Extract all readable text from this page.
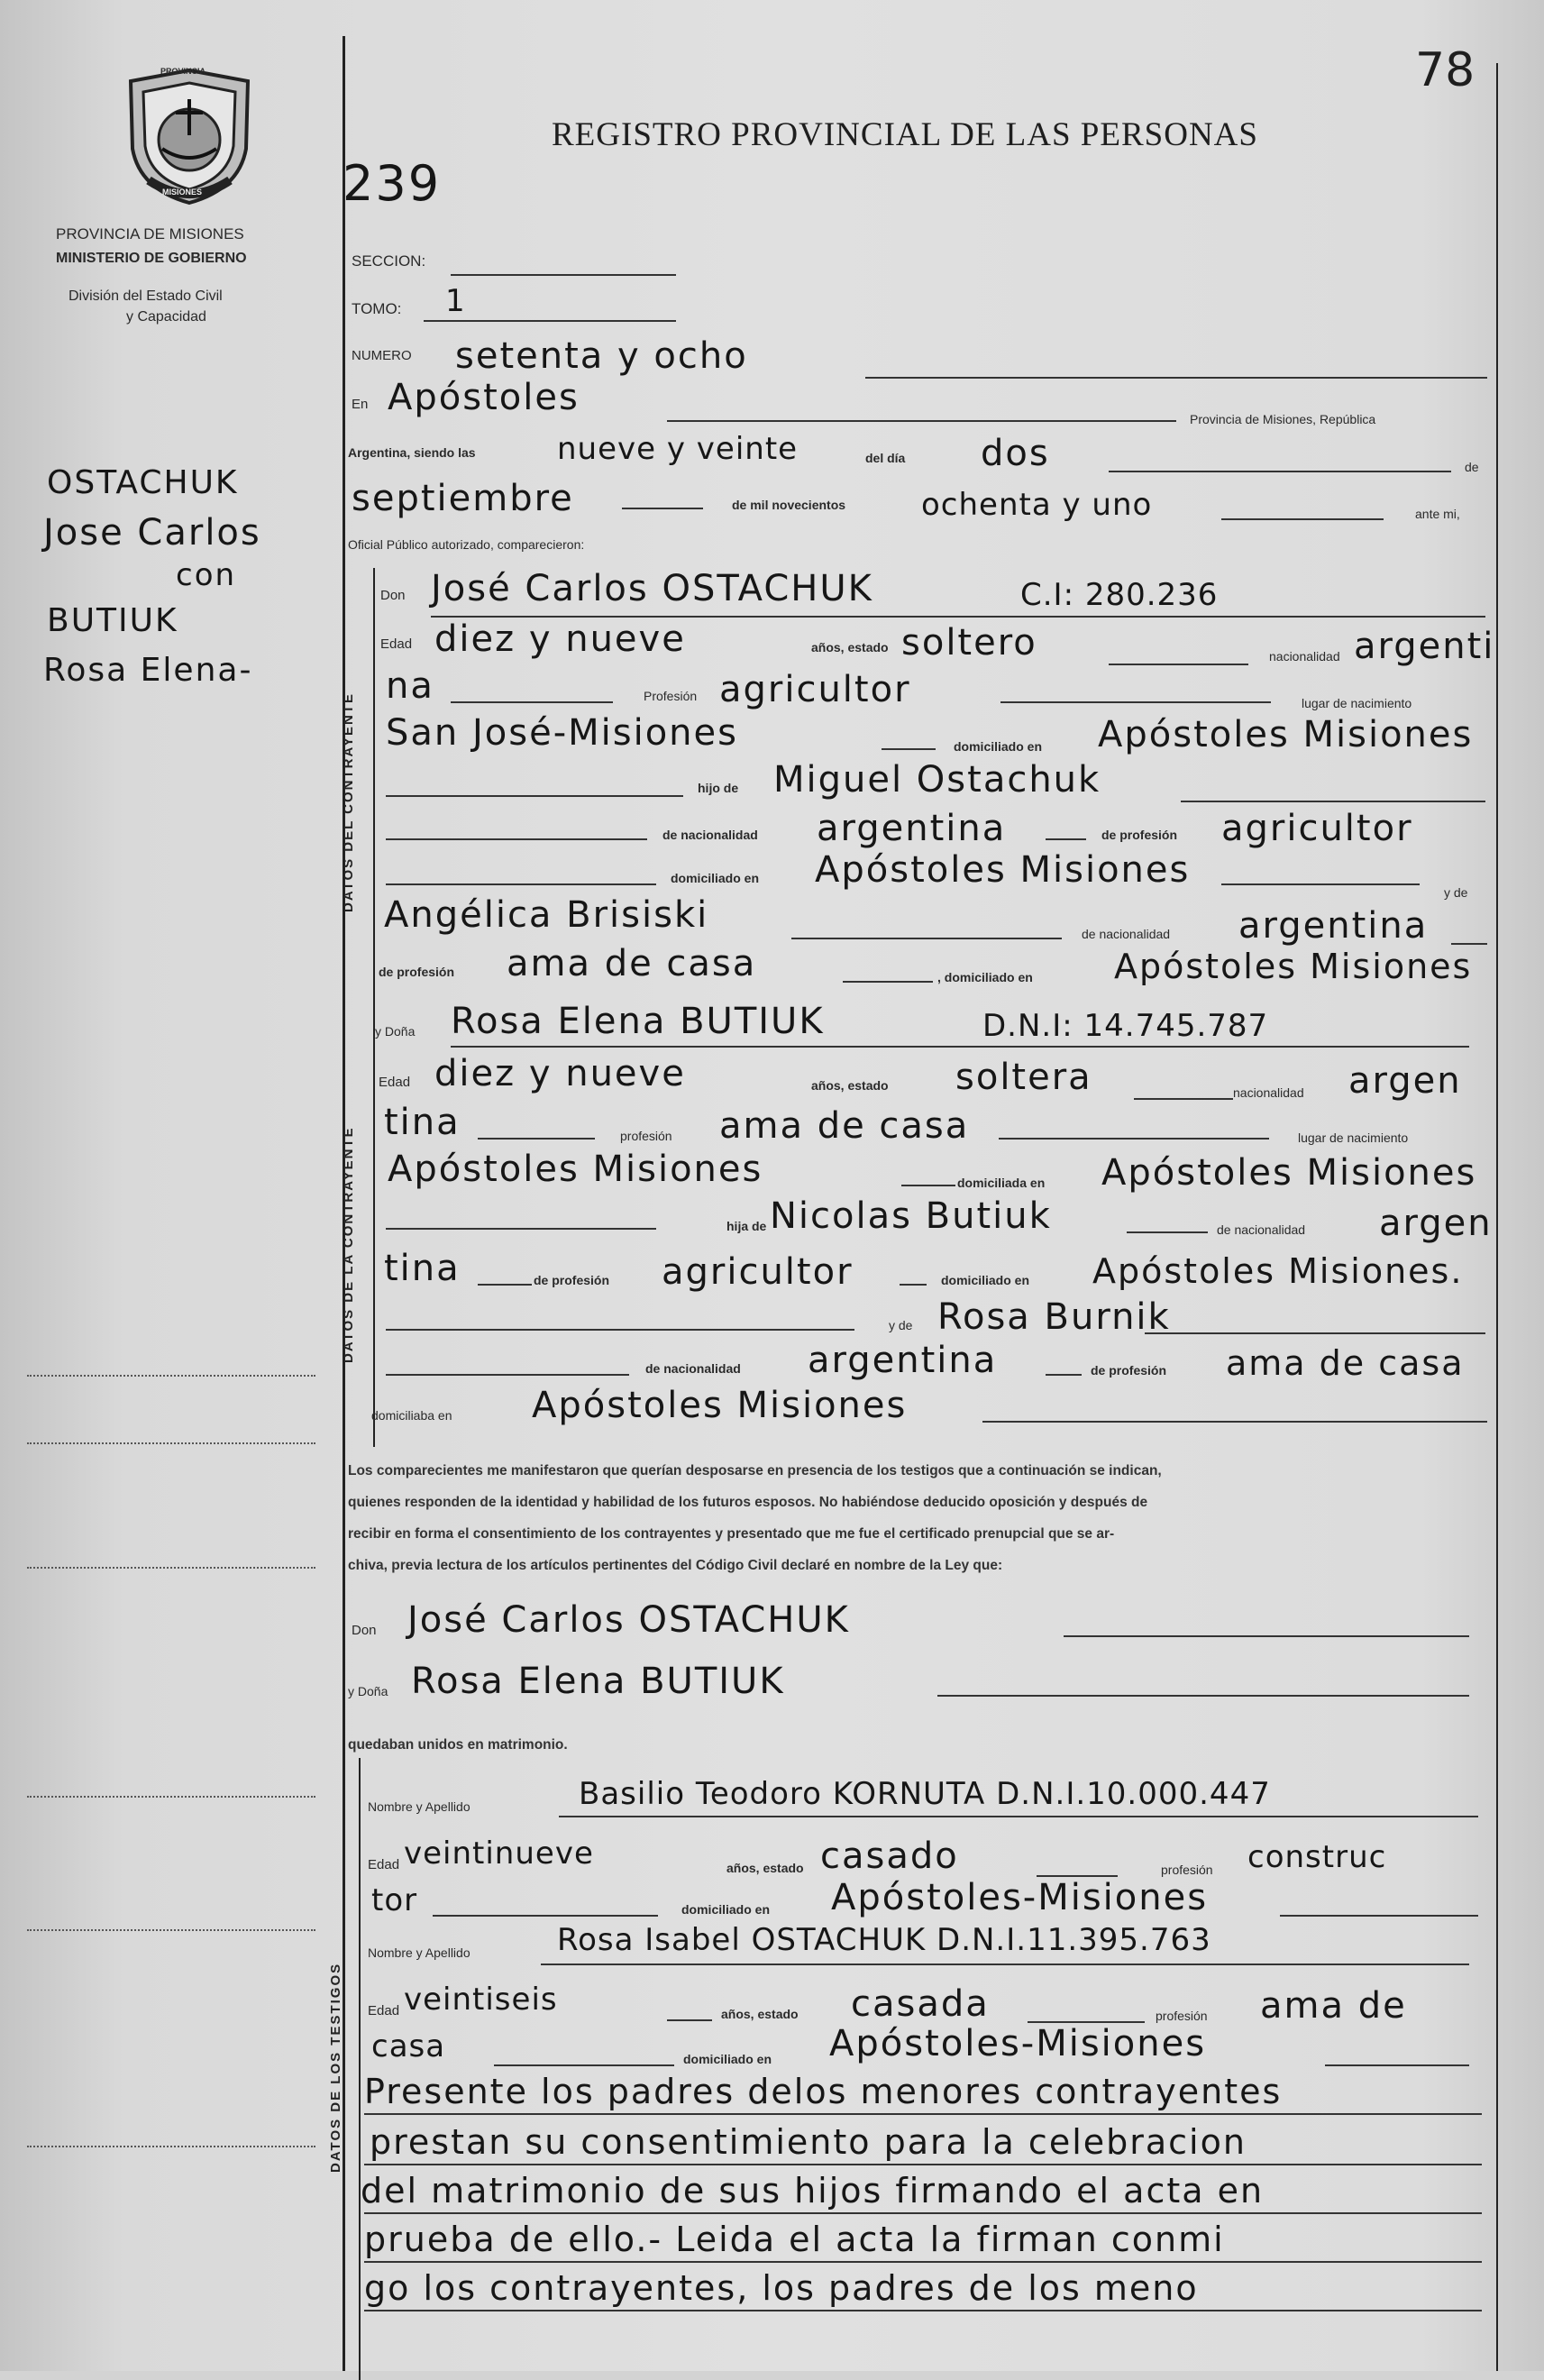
78
PROVINCIA
MISIONES
PROVINCIA DE MISIONES
MINISTERIO DE GOBIERNO
División del Estado Civil
y Capacidad
REGISTRO PROVINCIAL DE LAS PERSONAS
239
OSTACHUK
Jose Carlos
con
BUTIUK
Rosa Elena-
SECCION:
TOMO: 1
NUMERO setenta y ocho
En Apóstoles
Provincia de Misiones, República
Argentina, siendo las	nueve y veinte	del día dos	de
septiembre	de mil novecientos ochenta y uno	ante mi,
Oficial Público autorizado, comparecieron:
DATOS DEL CONTRAYENTE
Don José Carlos OSTACHUK	C.I: 280.236
Edad diez y nueve	años, estado soltero	nacionalidad argenti
na	Profesión agricultor	lugar de nacimiento
San José-Misiones	domiciliado en Apóstoles Misiones
hijo de Miguel Ostachuk
de nacionalidad argentina	de profesión agricultor
domiciliado en Apóstoles Misiones
y de
Angélica Brisiski	de nacionalidad argentina
de profesión ama de casa	, domiciliado en Apóstoles Misiones
DATOS DE LA CONTRAYENTE
y Doña Rosa Elena BUTIUK	D.N.I: 14.745.787
Edad diez y nueve	años, estado soltera	nacionalidad argen
tina	profesión ama de casa	lugar de nacimiento
Apóstoles Misiones	domiciliada en Apóstoles Misiones
hija de Nicolas Butiuk	de nacionalidad argen
tina	de profesión agricultor	domiciliado en Apóstoles Misiones.
y de Rosa Burnik
de nacionalidad argentina	de profesión ama de casa
domiciliaba en Apóstoles Misiones
Los comparecientes me manifestaron que querían desposarse en presencia de los testigos que a continuación se indican,
quienes responden de la identidad y habilidad de los futuros esposos. No habiéndose deducido oposición y después de
recibir en forma el consentimiento de los contrayentes y presentado que me fue el certificado prenupcial que se ar-
chiva, previa lectura de los artículos pertinentes del Código Civil declaré en nombre de la Ley que:
Don José Carlos OSTACHUK
y Doña Rosa Elena BUTIUK
quedaban unidos en matrimonio.
DATOS DE LOS TESTIGOS
Nombre y Apellido	Basilio Teodoro KORNUTA D.N.I.10.000.447
Edad veintinueve	años, estado casado	profesión construc
tor	domiciliado en Apóstoles-Misiones
Nombre y Apellido	Rosa Isabel OSTACHUK D.N.I.11.395.763
Edad veintiseis	años, estado casada	profesión ama de
casa	domiciliado en Apóstoles-Misiones
Presente los padres delos menores contrayentes
prestan su consentimiento para la celebracion
del matrimonio de sus hijos firmando el acta en
prueba de ello.- Leida el acta la firman conmi
go los contrayentes, los padres de los meno
